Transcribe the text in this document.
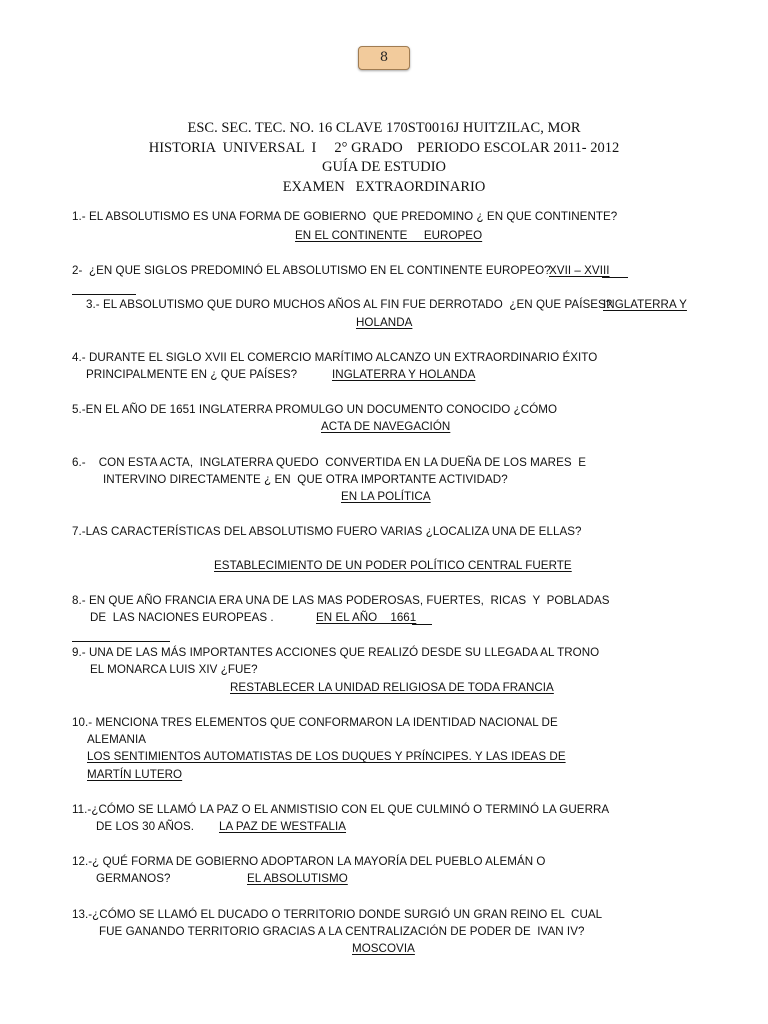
8
ESC. SEC. TEC. NO. 16 CLAVE 170ST0016J HUITZILAC, MOR
HISTORIA  UNIVERSAL  I     2° GRADO    PERIODO ESCOLAR 2011- 2012
GUÍA DE ESTUDIO
EXAMEN   EXTRAORDINARIO
1.- EL ABSOLUTISMO ES UNA FORMA DE GOBIERNO  QUE PREDOMINO ¿ EN QUE CONTINENTE?
EN EL CONTINENTE     EUROPEO
2-  ¿EN QUE SIGLOS PREDOMINÓ EL ABSOLUTISMO EN EL CONTINENTE EUROPEO?
XVII – XVIII
3.- EL ABSOLUTISMO QUE DURO MUCHOS AÑOS AL FIN FUE DERROTADO  ¿EN QUE PAÍSES?
INGLATERRA Y
HOLANDA
4.- DURANTE EL SIGLO XVII EL COMERCIO MARÍTIMO ALCANZO UN EXTRAORDINARIO ÉXITO
PRINCIPALMENTE EN ¿ QUE PAÍSES?	INGLATERRA Y HOLANDA
5.-EN EL AÑO DE 1651 INGLATERRA PROMULGO UN DOCUMENTO CONOCIDO ¿CÓMO
ACTA DE NAVEGACIÓN
6.-    CON ESTA ACTA,  INGLATERRA QUEDO  CONVERTIDA EN LA DUEÑA DE LOS MARES  E
INTERVINO DIRECTAMENTE ¿ EN  QUE OTRA IMPORTANTE ACTIVIDAD?
EN LA POLÍTICA
7.-LAS CARACTERÍSTICAS DEL ABSOLUTISMO FUERO VARIAS ¿LOCALIZA UNA DE ELLAS?
ESTABLECIMIENTO DE UN PODER POLÍTICO CENTRAL FUERTE
8.- EN QUE AÑO FRANCIA ERA UNA DE LAS MAS PODEROSAS, FUERTES,  RICAS  Y  POBLADAS
DE  LAS NACIONES EUROPEAS .	EN EL AÑO    1661
9.- UNA DE LAS MÁS IMPORTANTES ACCIONES QUE REALIZÓ DESDE SU LLEGADA AL TRONO
EL MONARCA LUIS XIV ¿FUE?
RESTABLECER LA UNIDAD RELIGIOSA DE TODA FRANCIA
10.- MENCIONA TRES ELEMENTOS QUE CONFORMARON LA IDENTIDAD NACIONAL DE
ALEMANIA
LOS SENTIMIENTOS AUTOMATISTAS DE LOS DUQUES Y PRÍNCIPES. Y LAS IDEAS DE
MARTÍN LUTERO
11.-¿CÓMO SE LLAMÓ LA PAZ O EL ANMISTISIO CON EL QUE CULMINÓ O TERMINÓ LA GUERRA
DE LOS 30 AÑOS. LA PAZ DE WESTFALIA
12.-¿ QUÉ FORMA DE GOBIERNO ADOPTARON LA MAYORÍA DEL PUEBLO ALEMÁN O
GERMANOS?	EL ABSOLUTISMO
13.-¿CÓMO SE LLAMÓ EL DUCADO O TERRITORIO DONDE SURGIÓ UN GRAN REINO EL  CUAL
FUE GANANDO TERRITORIO GRACIAS A LA CENTRALIZACIÓN DE PODER DE  IVAN IV?
MOSCOVIA
